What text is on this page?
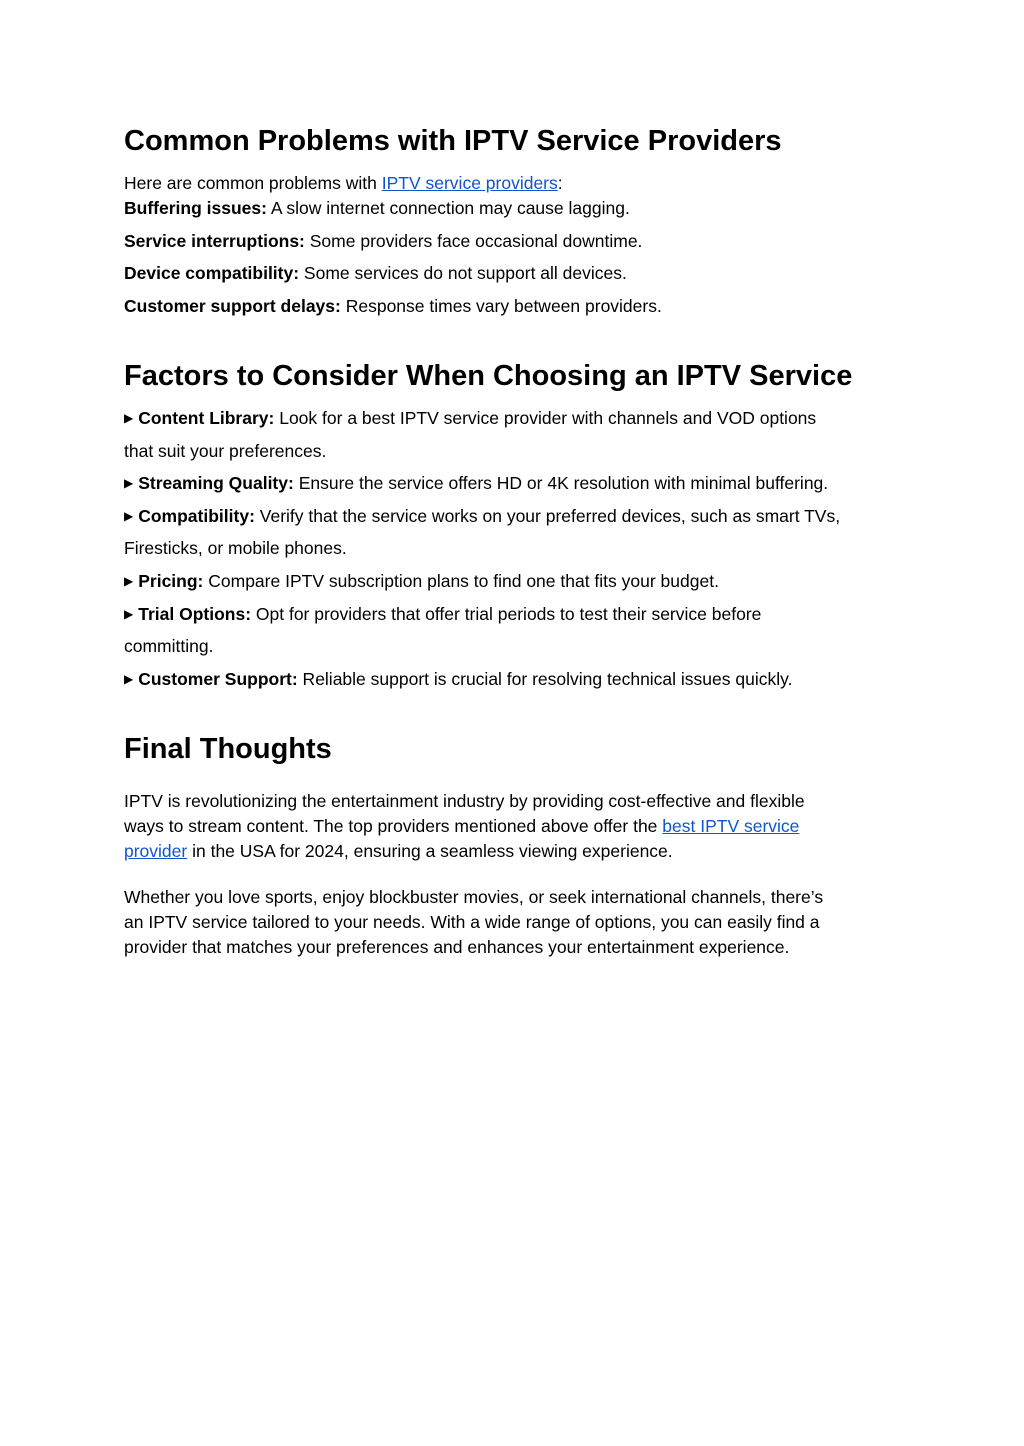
Common Problems with IPTV Service Providers
Here are common problems with IPTV service providers:
Buffering issues: A slow internet connection may cause lagging.
Service interruptions: Some providers face occasional downtime.
Device compatibility: Some services do not support all devices.
Customer support delays: Response times vary between providers.
Factors to Consider When Choosing an IPTV Service
▶ Content Library: Look for a best IPTV service provider with channels and VOD options
that suit your preferences.
▶ Streaming Quality: Ensure the service offers HD or 4K resolution with minimal buffering.
▶ Compatibility: Verify that the service works on your preferred devices, such as smart TVs,
Firesticks, or mobile phones.
▶ Pricing: Compare IPTV subscription plans to find one that fits your budget.
▶ Trial Options: Opt for providers that offer trial periods to test their service before
committing.
▶ Customer Support: Reliable support is crucial for resolving technical issues quickly.
Final Thoughts
IPTV is revolutionizing the entertainment industry by providing cost-effective and flexible
ways to stream content. The top providers mentioned above offer the best IPTV service
provider in the USA for 2024, ensuring a seamless viewing experience.
Whether you love sports, enjoy blockbuster movies, or seek international channels, there’s
an IPTV service tailored to your needs. With a wide range of options, you can easily find a
provider that matches your preferences and enhances your entertainment experience.
